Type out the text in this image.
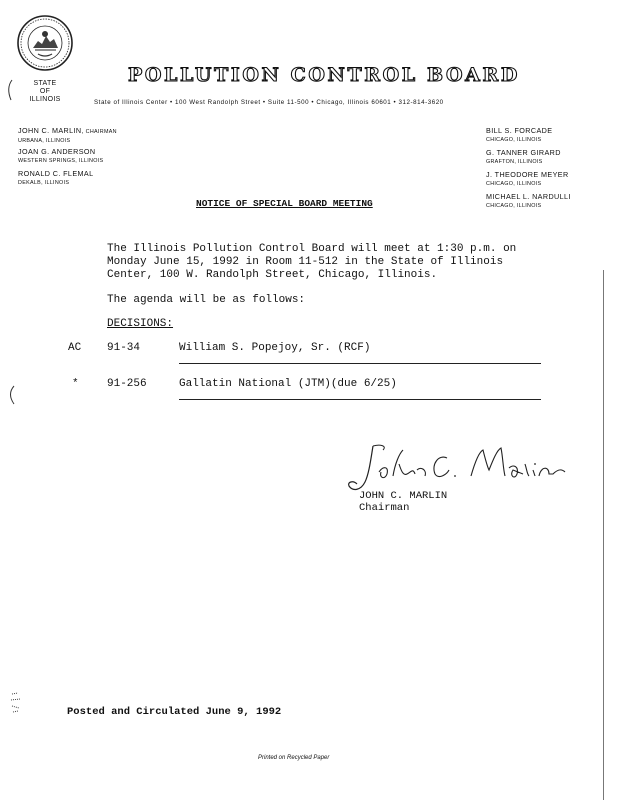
STATE
OF
ILLINOIS
POLLUTION CONTROL BOARD
State of Illinois Center • 100 West Randolph Street • Suite 11-500 • Chicago, Illinois 60601 • 312-814-3620
JOHN C. MARLIN, CHAIRMAN
URBANA, ILLINOIS
JOAN G. ANDERSON
WESTERN SPRINGS, ILLINOIS
RONALD C. FLEMAL
DEKALB, ILLINOIS
BILL S. FORCADE
CHICAGO, ILLINOIS
G. TANNER GIRARD
GRAFTON, ILLINOIS
J. THEODORE MEYER
CHICAGO, ILLINOIS
MICHAEL L. NARDULLI
CHICAGO, ILLINOIS
NOTICE OF SPECIAL BOARD MEETING
The Illinois Pollution Control Board will meet at 1:30 p.m. on
Monday June 15, 1992 in Room 11-512 in the State of Illinois
Center, 100 W. Randolph Street, Chicago, Illinois.
The agenda will be as follows:
DECISIONS:
AC 91-34	William S. Popejoy, Sr. (RCF)
*	91-256	Gallatin National (JTM)(due 6/25)
JOHN C. MARLIN
Chairman
Posted and Circulated June 9, 1992
Printed on Recycled Paper
